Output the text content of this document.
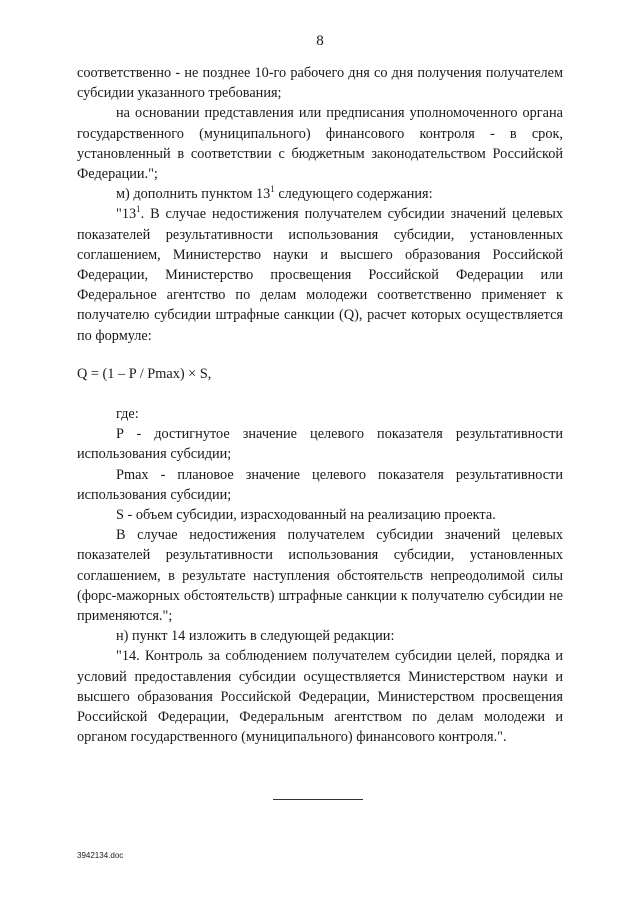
8

соответственно - не позднее 10-го рабочего дня со дня получения получателем субсидии указанного требования;

на основании представления или предписания уполномоченного органа государственного (муниципального) финансового контроля - в срок, установленный в соответствии с бюджетным законодательством Российской Федерации.";

м) дополнить пунктом $13^1$ следующего содержания:

"$13^1$. В случае недостижения получателем субсидии значений целевых показателей результативности использования субсидии, установленных соглашением, Министерство науки и высшего образования Российской Федерации, Министерство просвещения Российской Федерации или Федеральное агентство по делам молодежи соответственно применяет к получателю субсидии штрафные санкции (Q), расчет которых осуществляется по формуле:

Q = (1 – P / Pmax) × S,

где:

P - достигнутое значение целевого показателя результативности использования субсидии;

Pmax - плановое значение целевого показателя результативности использования субсидии;

S - объем субсидии, израсходованный на реализацию проекта.

В случае недостижения получателем субсидии значений целевых показателей результативности использования субсидии, установленных соглашением, в результате наступления обстоятельств непреодолимой силы (форс-мажорных обстоятельств) штрафные санкции к получателю субсидии не применяются.";

н) пункт 14 изложить в следующей редакции:

"14. Контроль за соблюдением получателем субсидии целей, порядка и условий предоставления субсидии осуществляется Министерством науки и высшего образования Российской Федерации, Министерством просвещения Российской Федерации, Федеральным агентством по делам молодежи и органом государственного (муниципального) финансового контроля.".

3942134.doc
